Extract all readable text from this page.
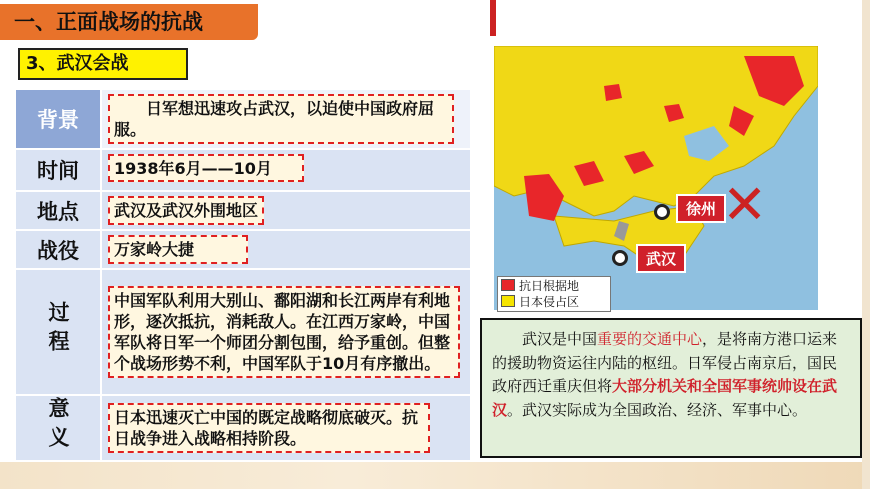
一、正面战场的抗战
3、武汉会战
背景	日军想迅速攻占武汉，以迫使中国政府屈服。
时间	1938年6月——10月
地点	武汉及武汉外围地区
战役	万家岭大捷
过程	中国军队利用大别山、鄱阳湖和长江两岸有利地形，逐次抵抗，消耗敌人。在江西万家岭，中国军队将日军一个师团分割包围，给予重创。但整个战场形势不利，中国军队于10月有序撤出。
意义	日本迅速灭亡中国的既定战略彻底破灭。抗日战争进入战略相持阶段。
抗日根据地
日本侵占区
徐州 ✕
武汉
武汉是中国重要的交通中心，是将南方港口运来的援助物资运往内陆的枢纽。日军侵占南京后，国民政府西迁重庆但将大部分机关和全国军事统帅设在武汉。武汉实际成为全国政治、经济、军事中心。
